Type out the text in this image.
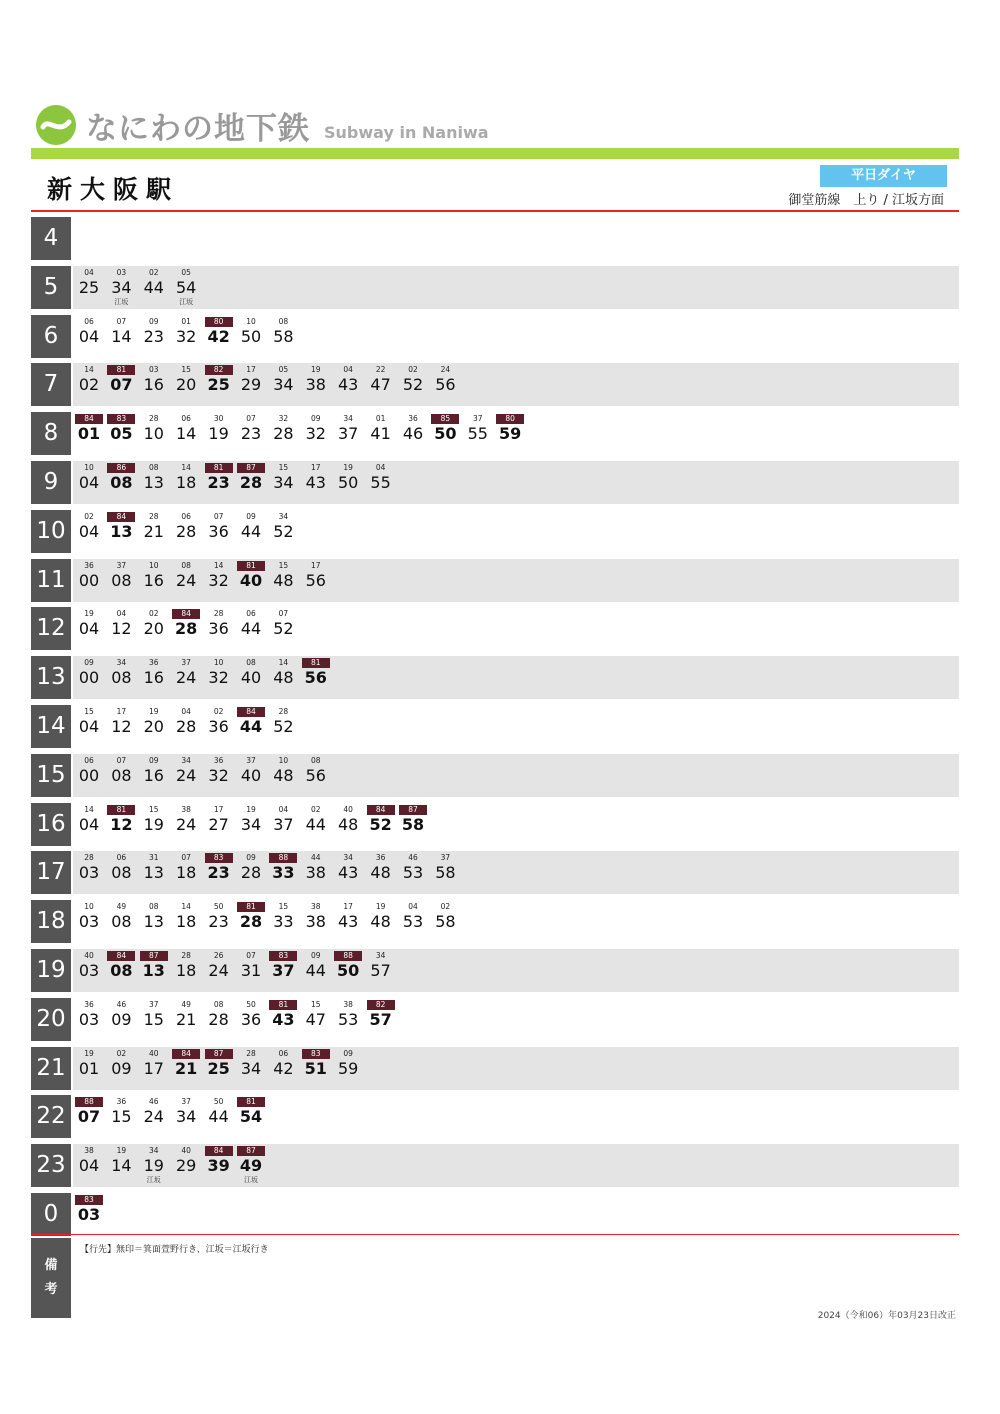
なにわの地下鉄 Subway in Naniwa
新大阪駅	平日ダイヤ
御堂筋線　上り / 江坂方面
4
5
04
25
03
34
江坂
02
44
05
54
江坂
6
06
04
07
14
09
23
01
32
80
42
10
50
08
58
7
14
02
81
07
03
16
15
20
82
25
17
29
05
34
19
38
04
43
22
47
02
52
24
56
8
84
01
83
05
28
10
06
14
30
19
07
23
32
28
09
32
34
37
01
41
36
46
85
50
37
55
80
59
9
10
04
86
08
08
13
14
18
81
23
87
28
15
34
17
43
19
50
04
55
10
02
04
84
13
28
21
06
28
07
36
09
44
34
52
11
36
00
37
08
10
16
08
24
14
32
81
40
15
48
17
56
12
19
04
04
12
02
20
84
28
28
36
06
44
07
52
13
09
00
34
08
36
16
37
24
10
32
08
40
14
48
81
56
14
15
04
17
12
19
20
04
28
02
36
84
44
28
52
15
06
00
07
08
09
16
34
24
36
32
37
40
10
48
08
56
16
14
04
81
12
15
19
38
24
17
27
19
34
04
37
02
44
40
48
84
52
87
58
17
28
03
06
08
31
13
07
18
83
23
09
28
88
33
44
38
34
43
36
48
46
53
37
58
18
10
03
49
08
08
13
14
18
50
23
81
28
15
33
38
38
17
43
19
48
04
53
02
58
19
40
03
84
08
87
13
28
18
26
24
07
31
83
37
09
44
88
50
34
57
20
36
03
46
09
37
15
49
21
08
28
50
36
81
43
15
47
38
53
82
57
21
19
01
02
09
40
17
84
21
87
25
28
34
06
42
83
51
09
59
22
88
07
36
15
46
24
37
34
50
44
81
54
23
38
04
19
14
34
19
江坂
40
29
84
39
87
49
江坂
0
83
03
備
考
【行先】無印＝箕面萱野行き、江坂＝江坂行き
2024（令和06）年03月23日改正
